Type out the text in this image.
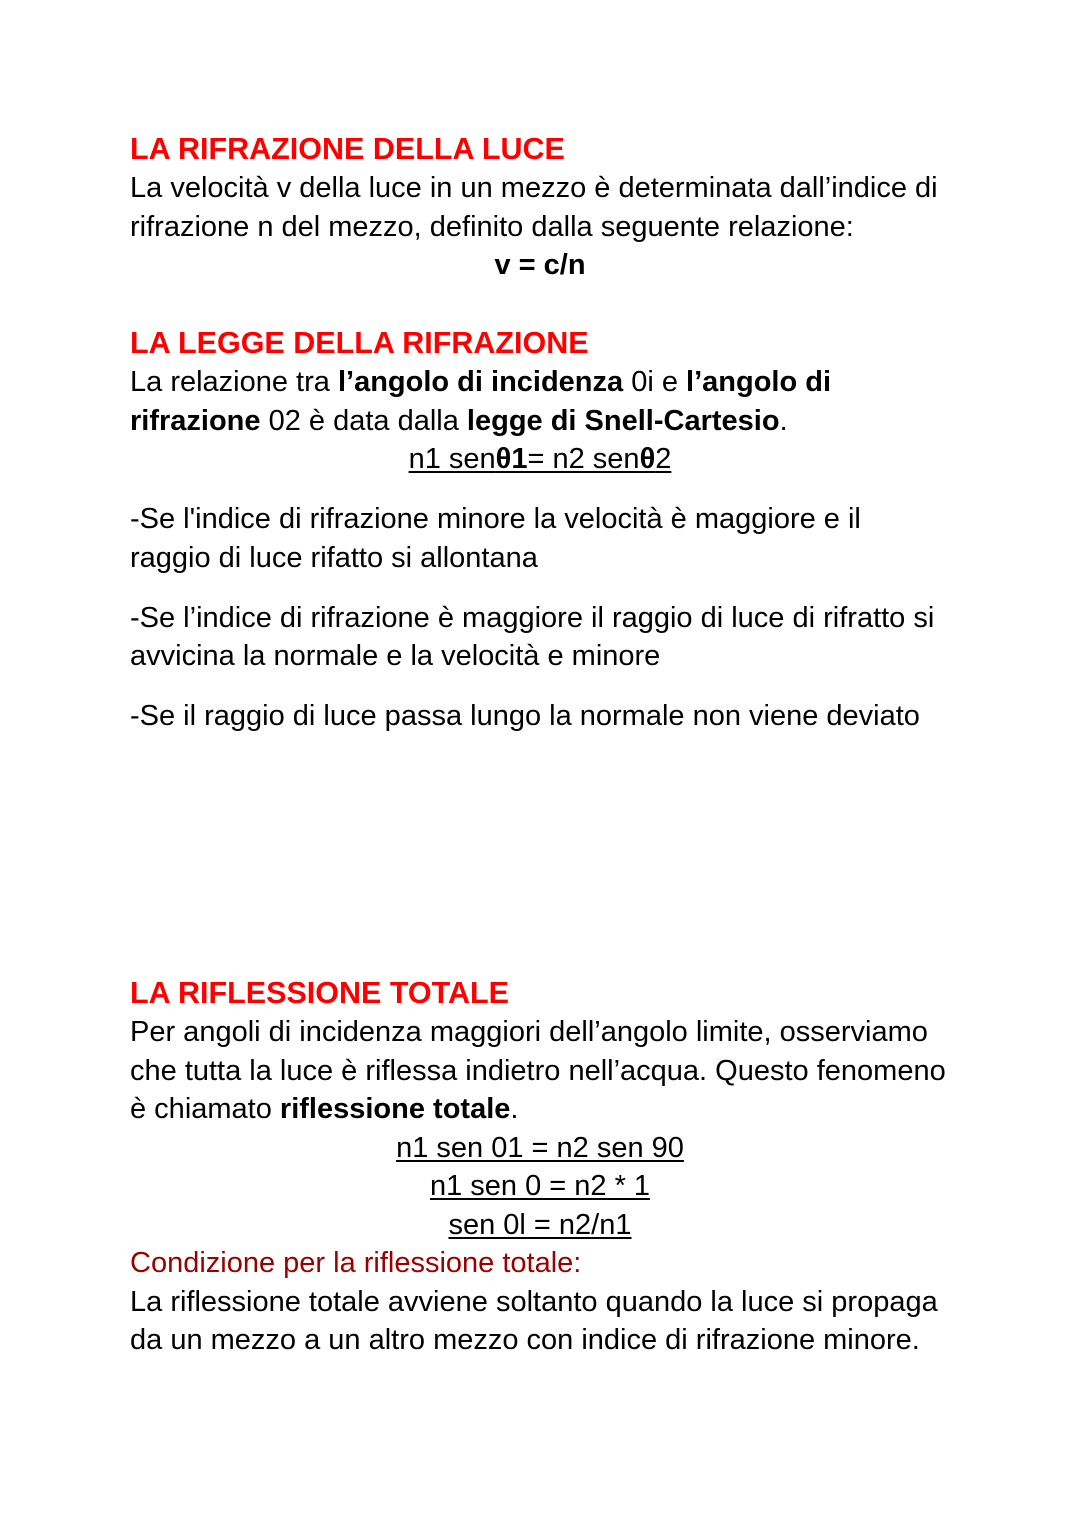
LA RIFRAZIONE DELLA LUCE
La velocità v della luce in un mezzo è determinata dall’indice di
rifrazione n del mezzo, definito dalla seguente relazione:
v = c/n
LA LEGGE DELLA RIFRAZIONE
La relazione tra l’angolo di incidenza 0i e l’angolo di
rifrazione 02 è data dalla legge di Snell-Cartesio.
n1 senθ1= n2 senθ2
-Se l'indice di rifrazione minore la velocità è maggiore e il
raggio di luce rifatto si allontana
-Se l’indice di rifrazione è maggiore il raggio di luce di rifratto si
avvicina la normale e la velocità e minore
-Se il raggio di luce passa lungo la normale non viene deviato
LA RIFLESSIONE TOTALE
Per angoli di incidenza maggiori dell’angolo limite, osserviamo
che tutta la luce è riflessa indietro nell’acqua. Questo fenomeno
è chiamato riflessione totale.
n1 sen 01 = n2 sen 90
n1 sen 0 = n2 * 1
sen 0l = n2/n1
Condizione per la riflessione totale:
La riflessione totale avviene soltanto quando la luce si propaga
da un mezzo a un altro mezzo con indice di rifrazione minore.
